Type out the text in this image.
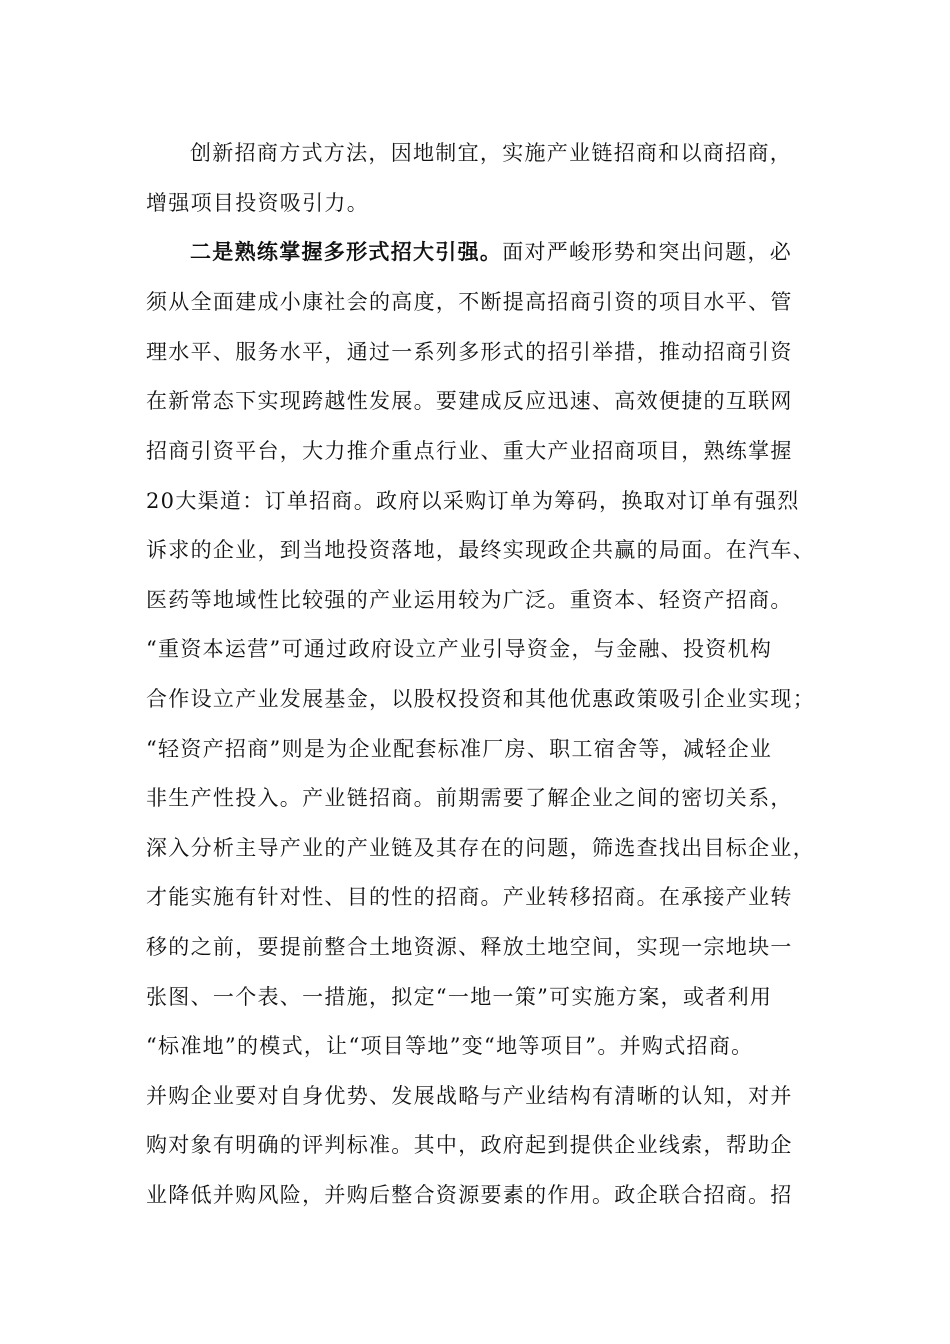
创新招商方式方法，因地制宜，实施产业链招商和以商招商，
增强项目投资吸引力。
二是熟练掌握多形式招大引强。面对严峻形势和突出问题，必
须从全面建成小康社会的高度，不断提高招商引资的项目水平、管
理水平、服务水平，通过一系列多形式的招引举措，推动招商引资
在新常态下实现跨越性发展。要建成反应迅速、高效便捷的互联网
招商引资平台，大力推介重点行业、重大产业招商项目，熟练掌握
20大渠道：订单招商。政府以采购订单为筹码，换取对订单有强烈
诉求的企业，到当地投资落地，最终实现政企共赢的局面。在汽车、
医药等地域性比较强的产业运用较为广泛。重资本、轻资产招商。
“重资本运营”可通过政府设立产业引导资金，与金融、投资机构
合作设立产业发展基金，以股权投资和其他优惠政策吸引企业实现；
“轻资产招商”则是为企业配套标准厂房、职工宿舍等，减轻企业
非生产性投入。产业链招商。前期需要了解企业之间的密切关系，
深入分析主导产业的产业链及其存在的问题，筛选查找出目标企业，
才能实施有针对性、目的性的招商。产业转移招商。在承接产业转
移的之前，要提前整合土地资源、释放土地空间，实现一宗地块一
张图、一个表、一措施，拟定“一地一策”可实施方案，或者利用
“标准地”的模式，让“项目等地”变“地等项目”。并购式招商。
并购企业要对自身优势、发展战略与产业结构有清晰的认知，对并
购对象有明确的评判标准。其中，政府起到提供企业线索，帮助企
业降低并购风险，并购后整合资源要素的作用。政企联合招商。招
